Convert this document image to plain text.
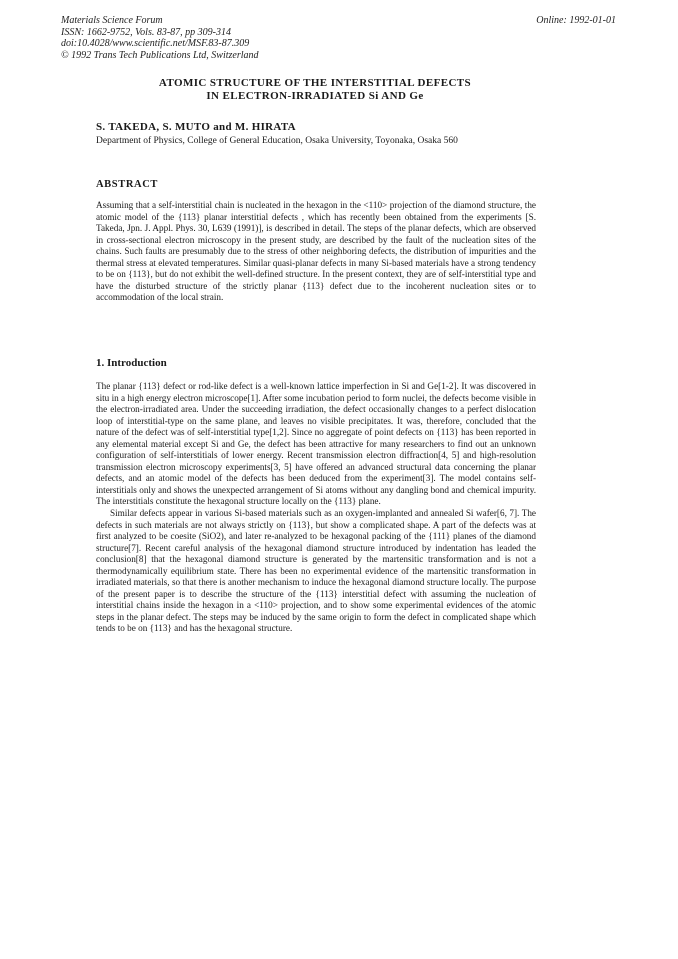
Materials Science Forum
ISSN: 1662-9752, Vols. 83-87, pp 309-314
doi:10.4028/www.scientific.net/MSF.83-87.309
© 1992 Trans Tech Publications Ltd, Switzerland
Online: 1992-01-01
ATOMIC STRUCTURE OF THE INTERSTITIAL DEFECTS
IN ELECTRON-IRRADIATED Si AND Ge
S. TAKEDA, S. MUTO and M. HIRATA
Department of Physics, College of General Education, Osaka University, Toyonaka, Osaka 560
ABSTRACT
Assuming that a self-interstitial chain is nucleated in the hexagon in the <110> projection of the diamond structure, the atomic model of the {113} planar interstitial defects , which has recently been obtained from the experiments [S. Takeda, Jpn. J. Appl. Phys. 30, L639 (1991)], is described in detail. The steps of the planar defects, which are observed in cross-sectional electron microscopy in the present study, are described by the fault of the nucleation sites of the chains. Such faults are presumably due to the stress of other neighboring defects, the distribution of impurities and the thermal stress at elevated temperatures. Similar quasi-planar defects in many Si-based materials have a strong tendency to be on {113}, but do not exhibit the well-defined structure. In the present context, they are of self-interstitial type and have the disturbed structure of the strictly planar {113} defect due to the incoherent nucleation sites or to accommodation of the local strain.
1. Introduction

The planar {113} defect or rod-like defect is a well-known lattice imperfection in Si and Ge[1-2]. It was discovered in situ in a high energy electron microscope[1]. After some incubation period to form nuclei, the defects become visible in the electron-irradiated area. Under the succeeding irradiation, the defect occasionally changes to a perfect dislocation loop of interstitial-type on the same plane, and leaves no visible precipitates. It was, therefore, concluded that the nature of the defect was of self-interstitial type[1,2]. Since no aggregate of point defects on {113} has been reported in any elemental material except Si and Ge, the defect has been attractive for many researchers to find out an unknown configuration of self-interstitials of lower energy. Recent transmission electron diffraction[4, 5] and high-resolution transmission electron microscopy experiments[3, 5] have offered an advanced structural data concerning the planar defects, and an atomic model of the defects has been deduced from the experiment[3]. The model contains self-interstitials only and shows the unexpected arrangement of Si atoms without any dangling bond and chemical impurity. The interstitials constitute the hexagonal structure locally on the {113} plane.

Similar defects appear in various Si-based materials such as an oxygen-implanted and annealed Si wafer[6, 7]. The defects in such materials are not always strictly on {113}, but show a complicated shape. A part of the defects was at first analyzed to be coesite (SiO2), and later re-analyzed to be hexagonal packing of the {111} planes of the diamond structure[7]. Recent careful analysis of the hexagonal diamond structure introduced by indentation has leaded the conclusion[8] that the hexagonal diamond structure is generated by the martensitic transformation and is not a thermodynamically equilibrium state. There has been no experimental evidence of the martensitic transformation in irradiated materials, so that there is another mechanism to induce the hexagonal diamond structure locally. The purpose of the present paper is to describe the structure of the {113} interstitial defect with assuming the nucleation of interstitial chains inside the hexagon in a <110> projection, and to show some experimental evidences of the atomic steps in the planar defect. The steps may be induced by the same origin to form the defect in complicated shape which tends to be on {113} and has the hexagonal structure.
